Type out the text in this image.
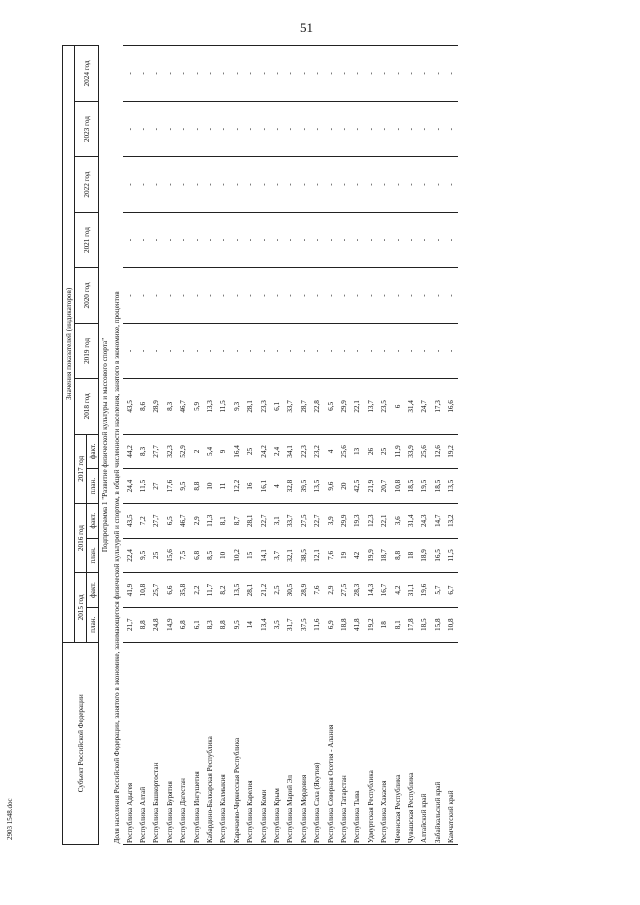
51
2903 1548.doc
Субъект Российской Федерации	Значения показателей (индикаторов)												
	2015 год		2016 год		2017 год		2018 год	2019 год	2020 год	2021 год	2022 год	2023 год	2024 год
	план.	факт.	план.	факт.	план.	факт.							
Подпрограмма 1 "Развитие физической культуры и массового спорта"													
Доля населения Российской Федерации, занятого в экономике, занимающегося физической культурой и спортом, в общей численности населения, занятого в экономике, процентов													
Республика Адыгея	21,7	41,9	22,4	43,5	24,4	44,2	43,5	-	-	-	-	-	-
Республика Алтай	8,8	10,8	9,5	7,2	11,5	8,3	8,6	-	-	-	-	-	-
Республика Башкортостан	24,8	25,7	25	27,7	27	27,7	28,9	-	-	-	-	-	-
Республика Бурятия	14,9	6,6	15,6	6,5	17,6	32,3	8,3	-	-	-	-	-	-
Республика Дагестан	6,8	35,8	7,5	46,7	9,5	52,9	46,7	-	-	-	-	-	-
Республика Ингушетия	6,1	2,2	6,8	2,9	8,8	2	5,9	-	-	-	-	-	-
Кабардино-Балкарская Республика	8,3	11,7	8,5	11,3	10	5,4	13,3	-	-	-	-	-	-
Республика Калмыкия	8,8	8,2	10	8,1	11	9	11,5	-	-	-	-	-	-
Карачаево-Черкесская Республика	9,5	13,5	10,2	8,7	12,2	16,4	9,3	-	-	-	-	-	-
Республика Карелия	14	28,1	15	28,1	16	25	28,1	-	-	-	-	-	-
Республика Коми	13,4	21,2	14,1	22,7	16,1	24,2	23,3	-	-	-	-	-	-
Республика Крым	3,5	2,5	3,7	3,1	4	2,4	6,1	-	-	-	-	-	-
Республика Марий Эл	31,7	30,5	32,1	33,7	32,8	34,1	33,7	-	-	-	-	-	-
Республика Мордовия	37,5	28,9	38,5	27,5	39,5	22,3	28,7	-	-	-	-	-	-
Республика Саха (Якутия)	11,6	7,6	12,1	22,7	13,5	23,2	22,8	-	-	-	-	-	-
Республика Северная Осетия - Алания	6,9	2,9	7,6	3,9	9,6	4	6,5	-	-	-	-	-	-
Республика Татарстан	18,8	27,5	19	29,9	20	25,6	29,9	-	-	-	-	-	-
Республика Тыва	41,8	28,3	42	19,3	42,5	13	22,1	-	-	-	-	-	-
Удмуртская Республика	19,2	14,3	19,9	12,3	21,9	26	13,7	-	-	-	-	-	-
Республика Хакасия	18	16,7	18,7	22,1	20,7	25	23,5	-	-	-	-	-	-
Чеченская Республика	8,1	4,2	8,8	3,6	10,8	11,9	6	-	-	-	-	-	-
Чувашская Республика	17,8	31,1	18	31,4	18,5	33,9	31,4	-	-	-	-	-	-
Алтайский край	18,5	19,6	18,9	24,3	19,5	25,6	24,7	-	-	-	-	-	-
Забайкальский край	15,8	5,7	16,5	14,7	18,5	12,6	17,3	-	-	-	-	-	-
Камчатский край	10,8	6,7	11,5	13,2	13,5	19,2	16,6	-	-	-	-	-	-
